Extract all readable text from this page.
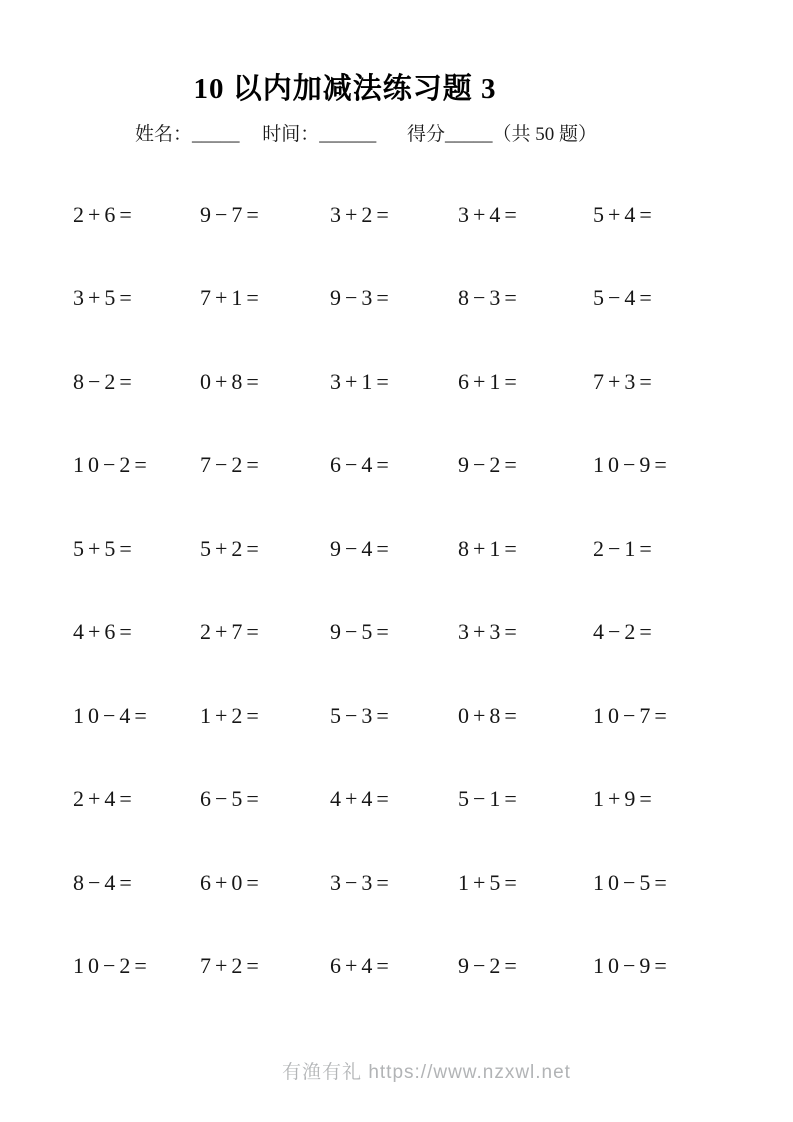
10 以内加减法练习题 3
姓名：_____ 时间：______ 得分_____（共 50 题）
2+6=	9−7=	3+2=	3+4=	5+4=
3+5=	7+1=	9−3=	8−3=	5−4=
8−2=	0+8=	3+1=	6+1=	7+3=
10−2=	7−2=	6−4=	9−2=	10−9=
5+5=	5+2=	9−4=	8+1=	2−1=
4+6=	2+7=	9−5=	3+3=	4−2=
10−4=	1+2=	5−3=	0+8=	10−7=
2+4=	6−5=	4+4=	5−1=	1+9=
8−4=	6+0=	3−3=	1+5=	10−5=
10−2=	7+2=	6+4=	9−2=	10−9=
有渔有礼 https://www.nzxwl.net
